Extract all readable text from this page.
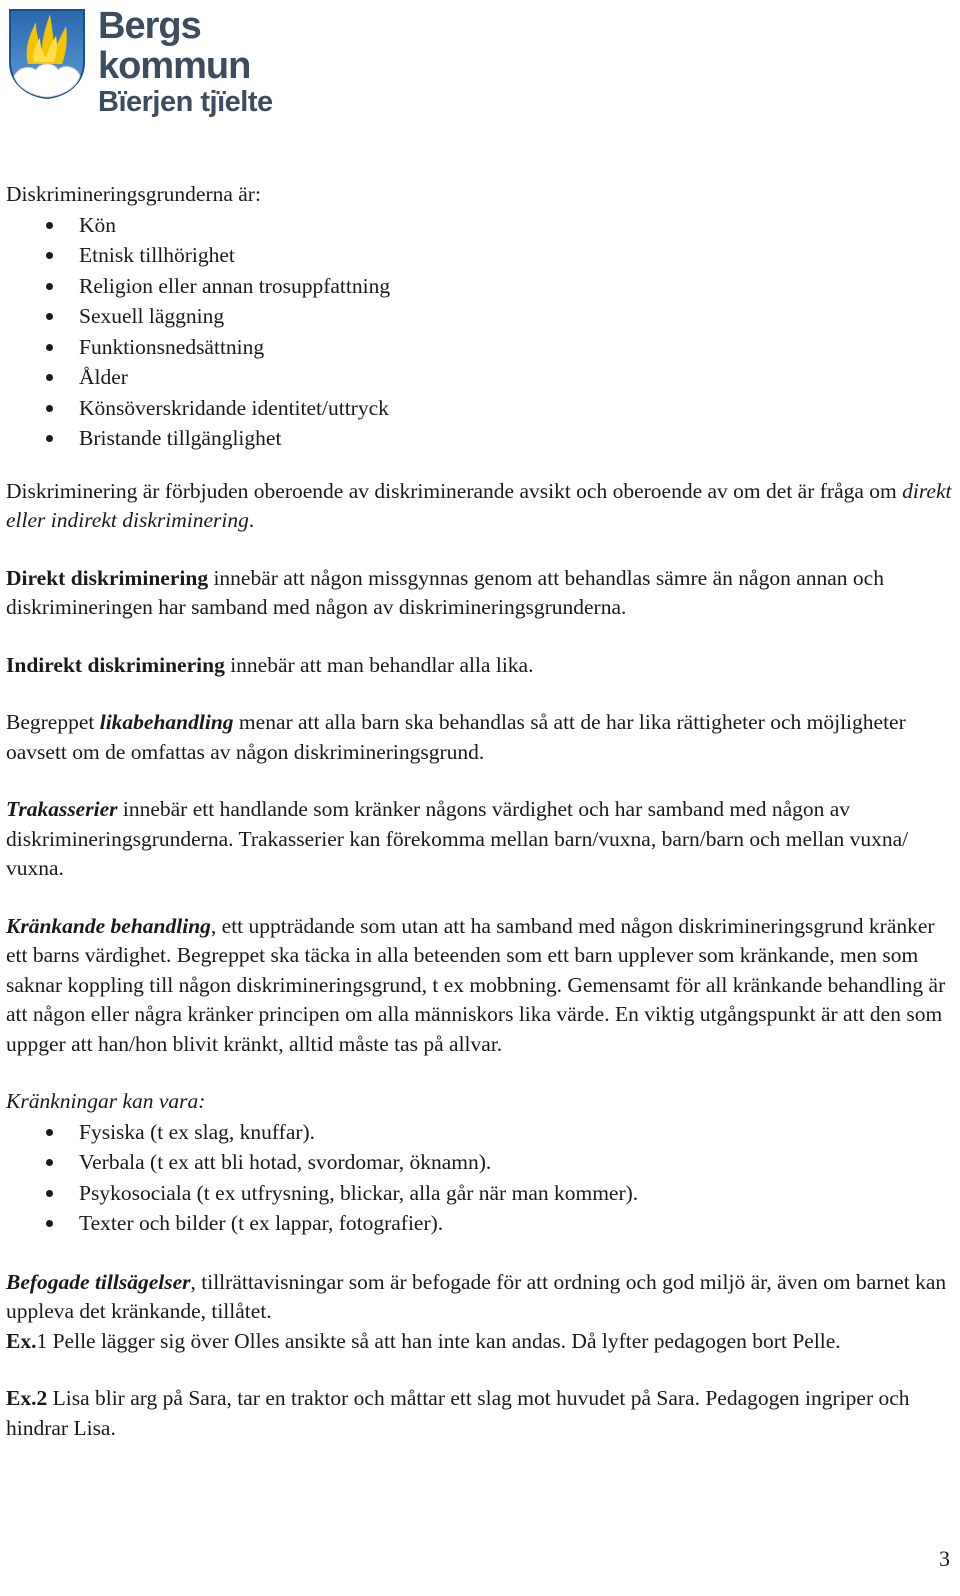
Bergs kommun
Bïerjen tjïelte

Diskrimineringsgrunderna är:

Kön
Etnisk tillhörighet
Religion eller annan trosuppfattning
Sexuell läggning
Funktionsnedsättning
Ålder
Könsöverskridande identitet/uttryck
Bristande tillgänglighet

Diskriminering är förbjuden oberoende av diskriminerande avsikt och oberoende av om det är fråga om direkt eller indirekt diskriminering.

Direkt diskriminering innebär att någon missgynnas genom att behandlas sämre än någon annan och diskrimineringen har samband med någon av diskrimineringsgrunderna.

Indirekt diskriminering innebär att man behandlar alla lika.

Begreppet likabehandling menar att alla barn ska behandlas så att de har lika rättigheter och möjligheter oavsett om de omfattas av någon diskrimineringsgrund.

Trakasserier innebär ett handlande som kränker någons värdighet och har samband med någon av diskrimineringsgrunderna. Trakasserier kan förekomma mellan barn/vuxna, barn/barn och mellan vuxna/ vuxna.

Kränkande behandling, ett uppträdande som utan att ha samband med någon diskrimineringsgrund kränker ett barns värdighet. Begreppet ska täcka in alla beteenden som ett barn upplever som kränkande, men som saknar koppling till någon diskrimineringsgrund, t ex mobbning. Gemensamt för all kränkande behandling är att någon eller några kränker principen om alla människors lika värde. En viktig utgångspunkt är att den som uppger att han/hon blivit kränkt, alltid måste tas på allvar.

Kränkningar kan vara:

Fysiska (t ex slag, knuffar).
Verbala (t ex att bli hotad, svordomar, öknamn).
Psykosociala (t ex utfrysning, blickar, alla går när man kommer).
Texter och bilder (t ex lappar, fotografier).

Befogade tillsägelser, tillrättavisningar som är befogade för att ordning och god miljö är, även om barnet kan uppleva det kränkande, tillåtet.

Ex.1 Pelle lägger sig över Olles ansikte så att han inte kan andas. Då lyfter pedagogen bort Pelle.

Ex.2 Lisa blir arg på Sara, tar en traktor och måttar ett slag mot huvudet på Sara. Pedagogen ingriper och hindrar Lisa.

3
